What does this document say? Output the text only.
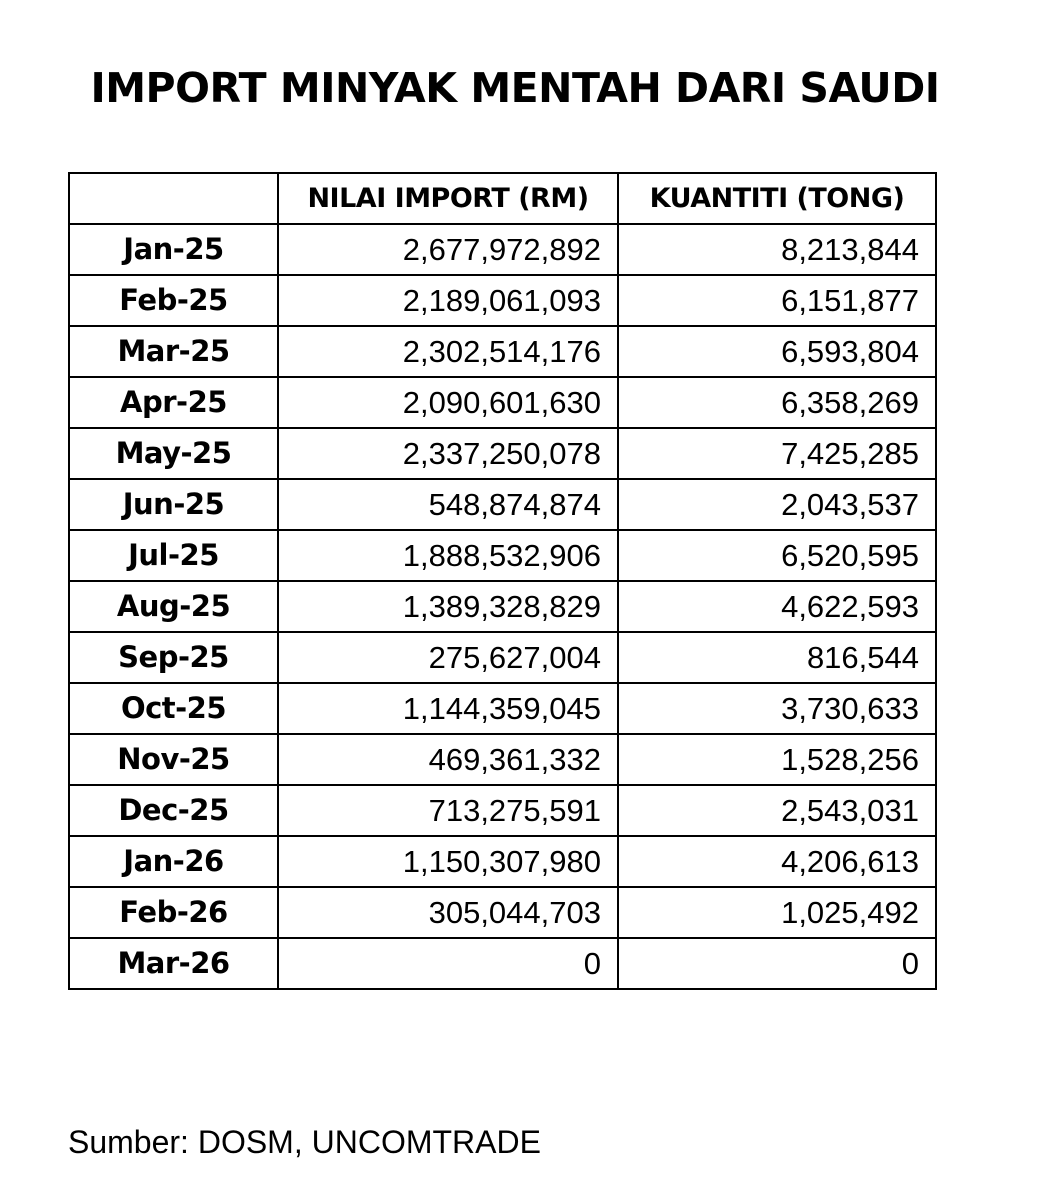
IMPORT MINYAK MENTAH DARI SAUDI
	NILAI IMPORT (RM)	KUANTITI (TONG)
Jan-25	2,677,972,892	8,213,844
Feb-25	2,189,061,093	6,151,877
Mar-25	2,302,514,176	6,593,804
Apr-25	2,090,601,630	6,358,269
May-25	2,337,250,078	7,425,285
Jun-25	548,874,874	2,043,537
Jul-25	1,888,532,906	6,520,595
Aug-25	1,389,328,829	4,622,593
Sep-25	275,627,004	816,544
Oct-25	1,144,359,045	3,730,633
Nov-25	469,361,332	1,528,256
Dec-25	713,275,591	2,543,031
Jan-26	1,150,307,980	4,206,613
Feb-26	305,044,703	1,025,492
Mar-26	0	0
Sumber: DOSM, UNCOMTRADE
